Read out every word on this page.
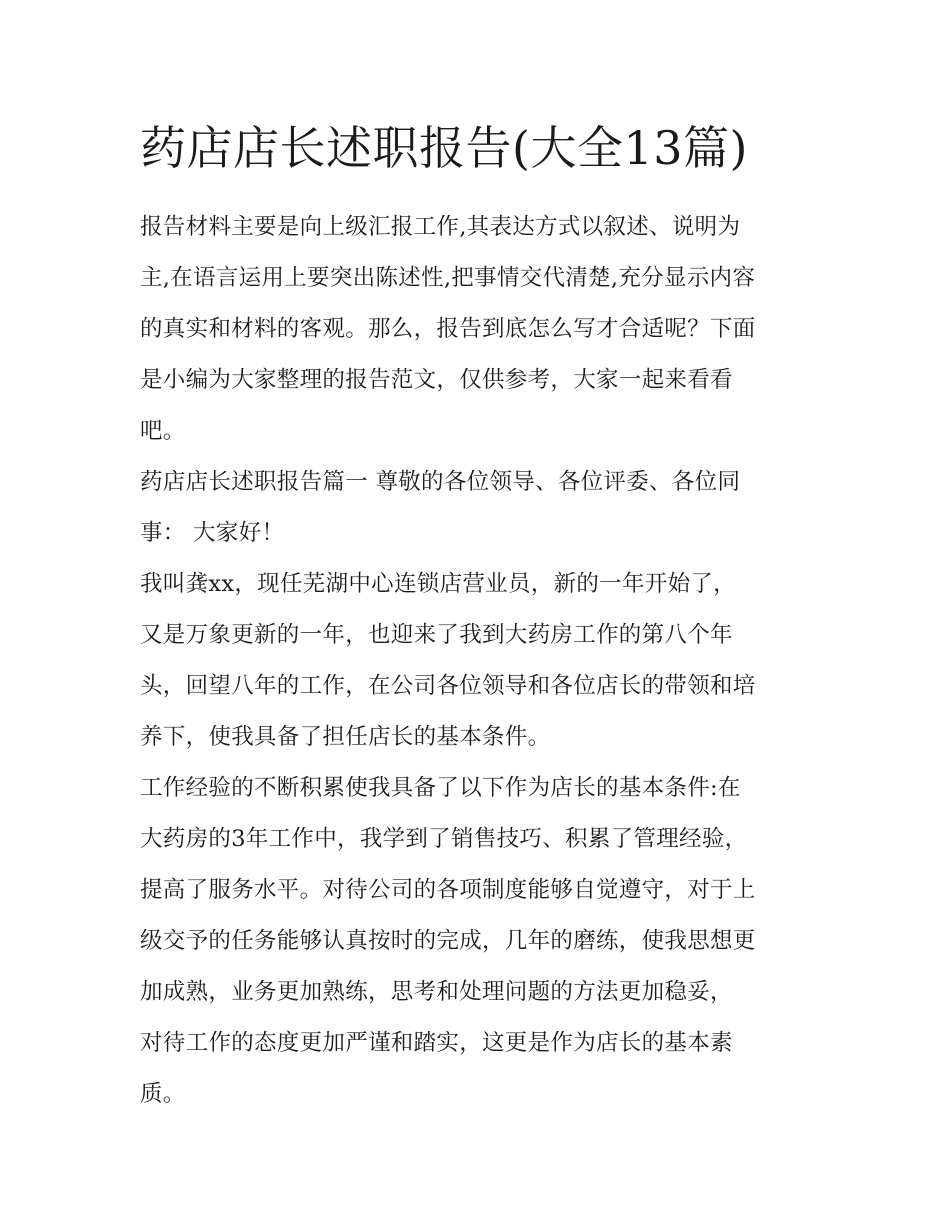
药店店长述职报告(大全13篇)

报告材料主要是向上级汇报工作,其表达方式以叙述、说明为
主,在语言运用上要突出陈述性,把事情交代清楚,充分显示内容
的真实和材料的客观。那么，报告到底怎么写才合适呢？下面
是小编为大家整理的报告范文，仅供参考，大家一起来看看
吧。

药店店长述职报告篇一 尊敬的各位领导、各位评委、各位同
事： 大家好！

我叫龚xx，现任芜湖中心连锁店营业员，新的一年开始了，
又是万象更新的一年，也迎来了我到大药房工作的第八个年
头，回望八年的工作，在公司各位领导和各位店长的带领和培
养下，使我具备了担任店长的基本条件。

工作经验的不断积累使我具备了以下作为店长的基本条件:在
大药房的3年工作中，我学到了销售技巧、积累了管理经验，
提高了服务水平。对待公司的各项制度能够自觉遵守，对于上
级交予的任务能够认真按时的完成，几年的磨练，使我思想更
加成熟，业务更加熟练，思考和处理问题的方法更加稳妥，
对待工作的态度更加严谨和踏实，这更是作为店长的基本素
质。
